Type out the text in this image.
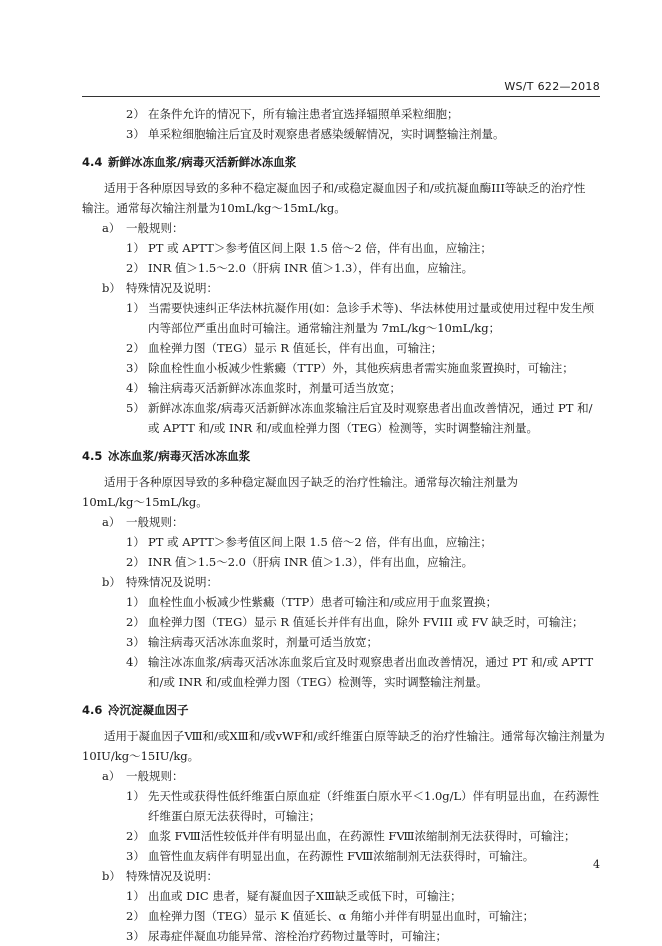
WS/T 622—2018

2） 在条件允许的情况下，所有输注患者宜选择辐照单采粒细胞；

3） 单采粒细胞输注后宜及时观察患者感染缓解情况，实时调整输注剂量。

4.4 新鲜冰冻血浆/病毒灭活新鲜冰冻血浆

适用于各种原因导致的多种不稳定凝血因子和/或稳定凝血因子和/或抗凝血酶III等缺乏的治疗性

输注。通常每次输注剂量为10mL/kg～15mL/kg。

a） 一般规则：

1） PT 或 APTT＞参考值区间上限 1.5 倍～2 倍，伴有出血，应输注；

2） INR 值＞1.5～2.0（肝病 INR 值＞1.3），伴有出血，应输注。

b） 特殊情况及说明：

1） 当需要快速纠正华法林抗凝作用(如：急诊手术等)、华法林使用过量或使用过程中发生颅

内等部位严重出血时可输注。通常输注剂量为 7mL/kg～10mL/kg；

2） 血栓弹力图（TEG）显示 R 值延长，伴有出血，可输注；

3） 除血栓性血小板减少性紫癜（TTP）外，其他疾病患者需实施血浆置换时，可输注；

4） 输注病毒灭活新鲜冰冻血浆时，剂量可适当放宽；

5） 新鲜冰冻血浆/病毒灭活新鲜冰冻血浆输注后宜及时观察患者出血改善情况，通过 PT 和/

或 APTT 和/或 INR 和/或血栓弹力图（TEG）检测等，实时调整输注剂量。

4.5 冰冻血浆/病毒灭活冰冻血浆

适用于各种原因导致的多种稳定凝血因子缺乏的治疗性输注。通常每次输注剂量为

10mL/kg～15mL/kg。

a） 一般规则：

1） PT 或 APTT＞参考值区间上限 1.5 倍～2 倍，伴有出血，应输注；

2） INR 值＞1.5～2.0（肝病 INR 值＞1.3），伴有出血，应输注。

b） 特殊情况及说明：

1） 血栓性血小板减少性紫癜（TTP）患者可输注和/或应用于血浆置换；

2） 血栓弹力图（TEG）显示 R 值延长并伴有出血，除外 FVIII 或 FV 缺乏时，可输注；

3） 输注病毒灭活冰冻血浆时，剂量可适当放宽；

4） 输注冰冻血浆/病毒灭活冰冻血浆后宜及时观察患者出血改善情况，通过 PT 和/或 APTT

和/或 INR 和/或血栓弹力图（TEG）检测等，实时调整输注剂量。

4.6 冷沉淀凝血因子

适用于凝血因子Ⅷ和/或ⅩⅢ和/或vWF和/或纤维蛋白原等缺乏的治疗性输注。通常每次输注剂量为

10IU/kg～15IU/kg。

a） 一般规则：

1） 先天性或获得性低纤维蛋白原血症（纤维蛋白原水平＜1.0g/L）伴有明显出血，在药源性

纤维蛋白原无法获得时，可输注；

2） 血浆 FⅧ活性较低并伴有明显出血，在药源性 FⅧ浓缩制剂无法获得时，可输注；

3） 血管性血友病伴有明显出血，在药源性 FⅧ浓缩制剂无法获得时，可输注。

b） 特殊情况及说明：

1） 出血或 DIC 患者，疑有凝血因子ⅩⅢ缺乏或低下时，可输注；

2） 血栓弹力图（TEG）显示 K 值延长、α 角缩小并伴有明显出血时，可输注；

3） 尿毒症伴凝血功能异常、溶栓治疗药物过量等时，可输注；

4
